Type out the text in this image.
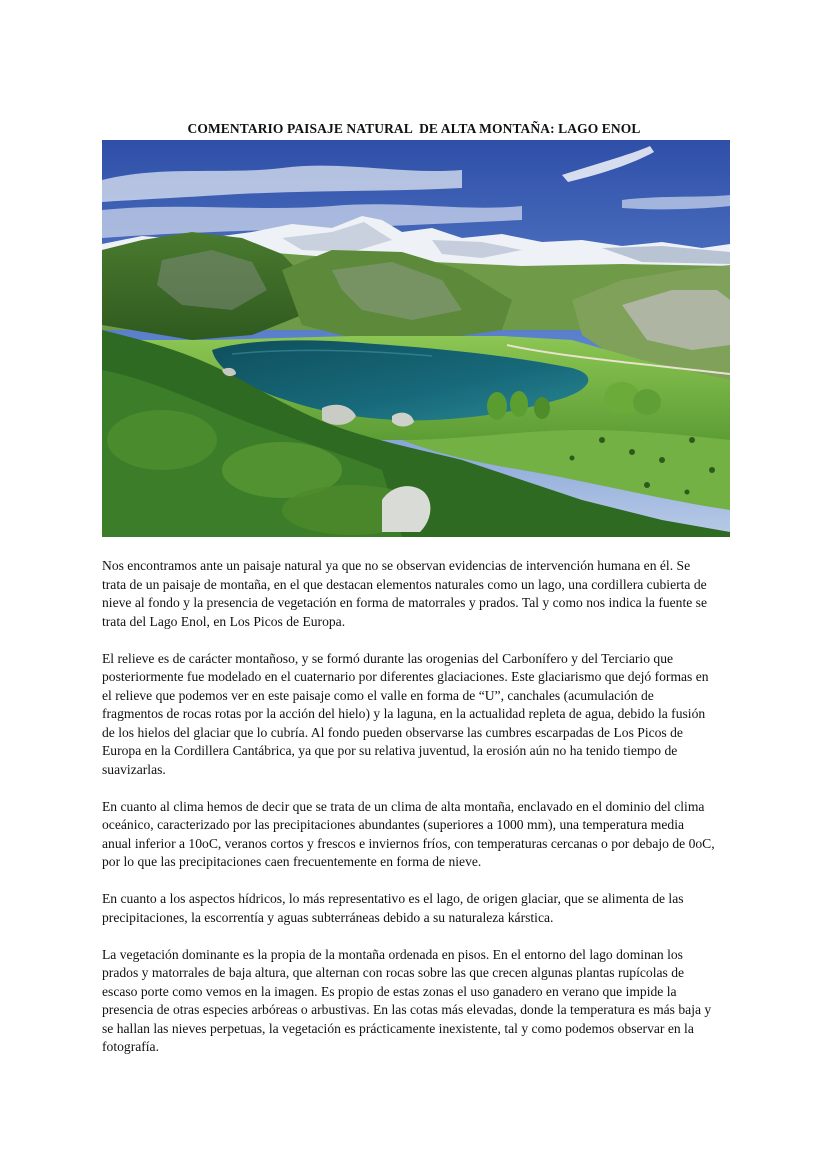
COMENTARIO PAISAJE NATURAL  DE ALTA MONTAÑA: LAGO ENOL

Nos encontramos ante un paisaje natural ya que no se observan evidencias de intervención humana en él. Se
trata de un paisaje de montaña, en el que destacan elementos naturales como un lago, una cordillera cubierta de
nieve al fondo y la presencia de vegetación en forma de matorrales y prados. Tal y como nos indica la fuente se
trata del Lago Enol, en Los Picos de Europa.

El relieve es de carácter montañoso, y se formó durante las orogenias del Carbonífero y del Terciario que
posteriormente fue modelado en el cuaternario por diferentes glaciaciones. Este glaciarismo que dejó formas en
el relieve que podemos ver en este paisaje como el valle en forma de “U”, canchales (acumulación de
fragmentos de rocas rotas por la acción del hielo) y la laguna, en la actualidad repleta de agua, debido la fusión
de los hielos del glaciar que lo cubría. Al fondo pueden observarse las cumbres escarpadas de Los Picos de
Europa en la Cordillera Cantábrica, ya que por su relativa juventud, la erosión aún no ha tenido tiempo de
suavizarlas.

En cuanto al clima hemos de decir que se trata de un clima de alta montaña, enclavado en el dominio del clima
oceánico, caracterizado por las precipitaciones abundantes (superiores a 1000 mm), una temperatura media
anual inferior a 10oC, veranos cortos y frescos e inviernos fríos, con temperaturas cercanas o por debajo de 0oC,
por lo que las precipitaciones caen frecuentemente en forma de nieve.

En cuanto a los aspectos hídricos, lo más representativo es el lago, de origen glaciar, que se alimenta de las
precipitaciones, la escorrentía y aguas subterráneas debido a su naturaleza kárstica.

La vegetación dominante es la propia de la montaña ordenada en pisos. En el entorno del lago dominan los
prados y matorrales de baja altura, que alternan con rocas sobre las que crecen algunas plantas rupícolas de
escaso porte como vemos en la imagen. Es propio de estas zonas el uso ganadero en verano que impide la
presencia de otras especies arbóreas o arbustivas. En las cotas más elevadas, donde la temperatura es más baja y
se hallan las nieves perpetuas, la vegetación es prácticamente inexistente, tal y como podemos observar en la
fotografía.
